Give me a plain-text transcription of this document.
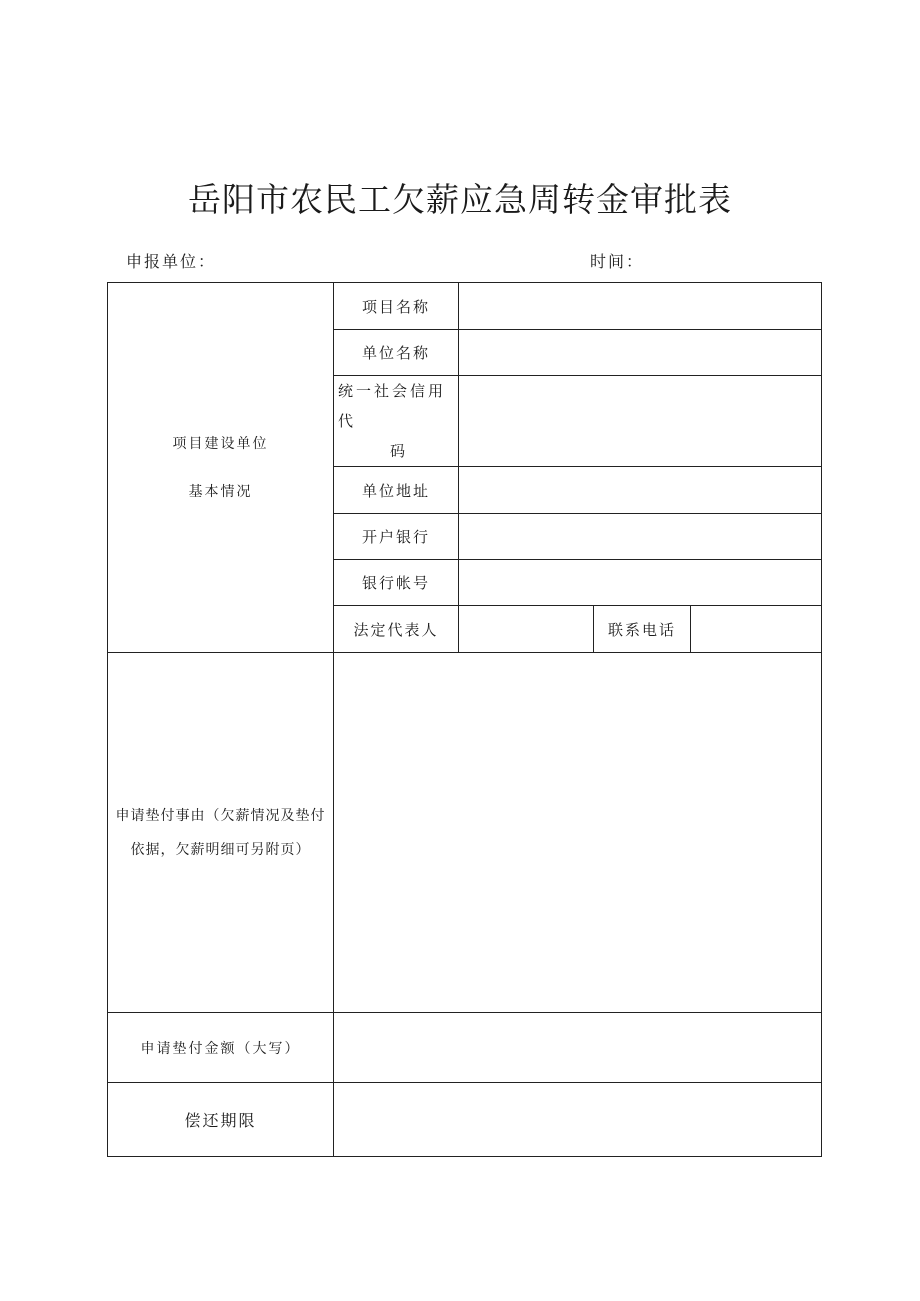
岳阳市农民工欠薪应急周转金审批表
申报单位：	时间：
项目建设单位
基本情况	项目名称			
	单位名称			
	统一社会信用代
码			

	单位地址			
	开户银行			
	银行帐号			
	法定代表人		联系电话	
申请垫付事由（欠薪情况及垫付
依据，欠薪明细可另附页）				
申请垫付金额（大写）				
偿还期限				
